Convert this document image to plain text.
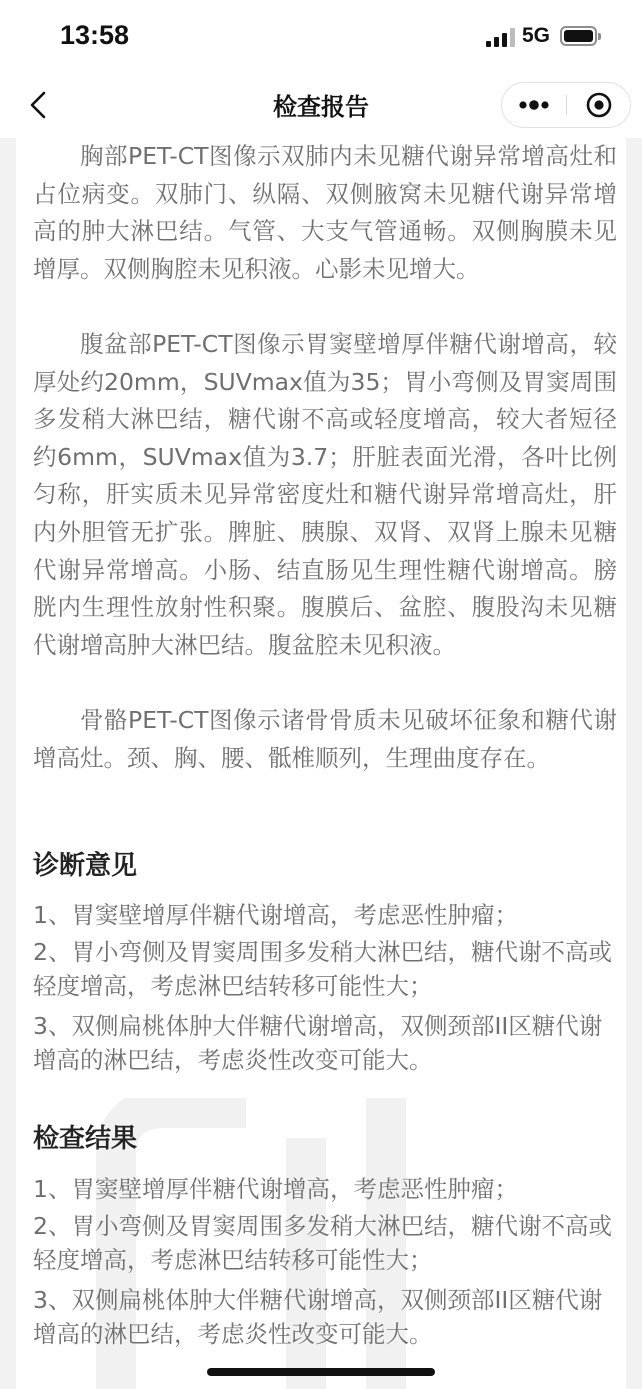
13:58	5G
检查报告

胸部PET-CT图像示双肺内未见糖代谢异常增高灶和占位病变。双肺门、纵隔、双侧腋窝未见糖代谢异常增高的肿大淋巴结。气管、大支气管通畅。双侧胸膜未见增厚。双侧胸腔未见积液。心影未见增大。

腹盆部PET-CT图像示胃窦壁增厚伴糖代谢增高，较厚处约20mm，SUVmax值为35；胃小弯侧及胃窦周围多发稍大淋巴结，糖代谢不高或轻度增高，较大者短径约6mm，SUVmax值为3.7；肝脏表面光滑，各叶比例匀称，肝实质未见异常密度灶和糖代谢异常增高灶，肝内外胆管无扩张。脾脏、胰腺、双肾、双肾上腺未见糖代谢异常增高。小肠、结直肠见生理性糖代谢增高。膀胱内生理性放射性积聚。腹膜后、盆腔、腹股沟未见糖代谢增高肿大淋巴结。腹盆腔未见积液。

骨骼PET-CT图像示诸骨骨质未见破坏征象和糖代谢增高灶。颈、胸、腰、骶椎顺列，生理曲度存在。

诊断意见
1、胃窦壁增厚伴糖代谢增高，考虑恶性肿瘤；
2、胃小弯侧及胃窦周围多发稍大淋巴结，糖代谢不高或轻度增高，考虑淋巴结转移可能性大；
3、双侧扁桃体肿大伴糖代谢增高，双侧颈部II区糖代谢增高的淋巴结，考虑炎性改变可能大。
检查结果
1、胃窦壁增厚伴糖代谢增高，考虑恶性肿瘤；
2、胃小弯侧及胃窦周围多发稍大淋巴结，糖代谢不高或轻度增高，考虑淋巴结转移可能性大；
3、双侧扁桃体肿大伴糖代谢增高，双侧颈部II区糖代谢增高的淋巴结，考虑炎性改变可能大。
